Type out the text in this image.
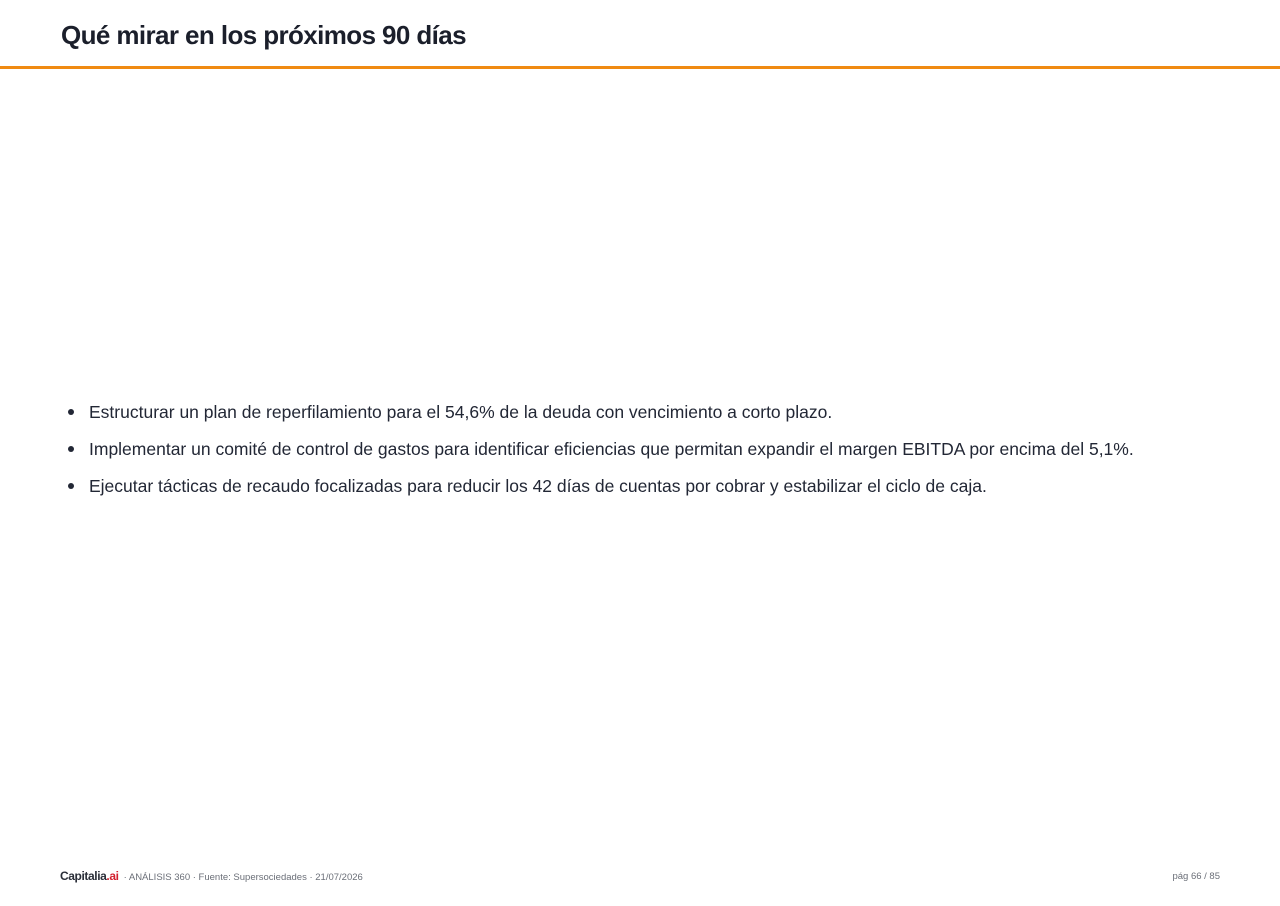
Qué mirar en los próximos 90 días
Estructurar un plan de reperfilamiento para el 54,6% de la deuda con vencimiento a corto plazo.
Implementar un comité de control de gastos para identificar eficiencias que permitan expandir el margen EBITDA por encima del 5,1%.
Ejecutar tácticas de recaudo focalizadas para reducir los 42 días de cuentas por cobrar y estabilizar el ciclo de caja.
Capitalia .ai · ANÁLISIS 360 · Fuente: Supersociedades · 21/07/2026	pág 66 / 85
